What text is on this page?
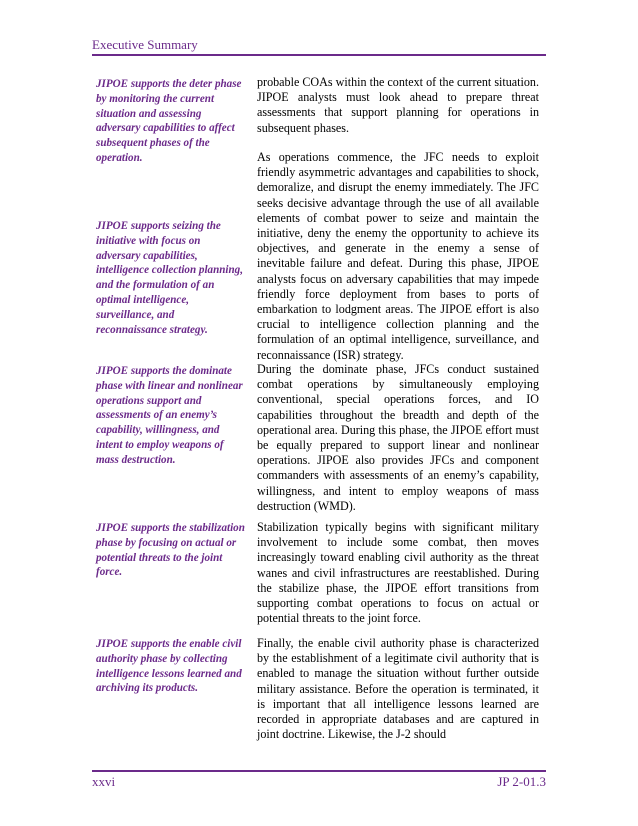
Executive Summary

JIPOE supports the deter phase by monitoring the current situation and assessing adversary capabilities to affect subsequent phases of the operation.

JIPOE supports seizing the initiative with focus on adversary capabilities, intelligence collection planning, and the formulation of an optimal intelligence, surveillance, and reconnaissance strategy.

JIPOE supports the dominate phase with linear and nonlinear operations support and assessments of an enemy’s capability, willingness, and intent to employ weapons of mass destruction.

JIPOE supports the stabilization phase by focusing on actual or potential threats to the joint force.

JIPOE supports the enable civil authority phase by collecting intelligence lessons learned and archiving its products.

probable COAs within the context of the current situation. JIPOE analysts must look ahead to prepare threat assessments that support planning for operations in subsequent phases.

As operations commence, the JFC needs to exploit friendly asymmetric advantages and capabilities to shock, demoralize, and disrupt the enemy immediately. The JFC seeks decisive advantage through the use of all available elements of combat power to seize and maintain the initiative, deny the enemy the opportunity to achieve its objectives, and generate in the enemy a sense of inevitable failure and defeat. During this phase, JIPOE analysts focus on adversary capabilities that may impede friendly force deployment from bases to ports of embarkation to lodgment areas. The JIPOE effort is also crucial to intelligence collection planning and the formulation of an optimal intelligence, surveillance, and reconnaissance (ISR) strategy.

During the dominate phase, JFCs conduct sustained combat operations by simultaneously employing conventional, special operations forces, and IO capabilities throughout the breadth and depth of the operational area. During this phase, the JIPOE effort must be equally prepared to support linear and nonlinear operations. JIPOE also provides JFCs and component commanders with assessments of an enemy’s capability, willingness, and intent to employ weapons of mass destruction (WMD).

Stabilization typically begins with significant military involvement to include some combat, then moves increasingly toward enabling civil authority as the threat wanes and civil infrastructures are reestablished. During the stabilize phase, the JIPOE effort transitions from supporting combat operations to focus on actual or potential threats to the joint force.

Finally, the enable civil authority phase is characterized by the establishment of a legitimate civil authority that is enabled to manage the situation without further outside military assistance. Before the operation is terminated, it is important that all intelligence lessons learned are recorded in appropriate databases and are captured in joint doctrine. Likewise, the J-2 should

xxvi	JP 2-01.3
